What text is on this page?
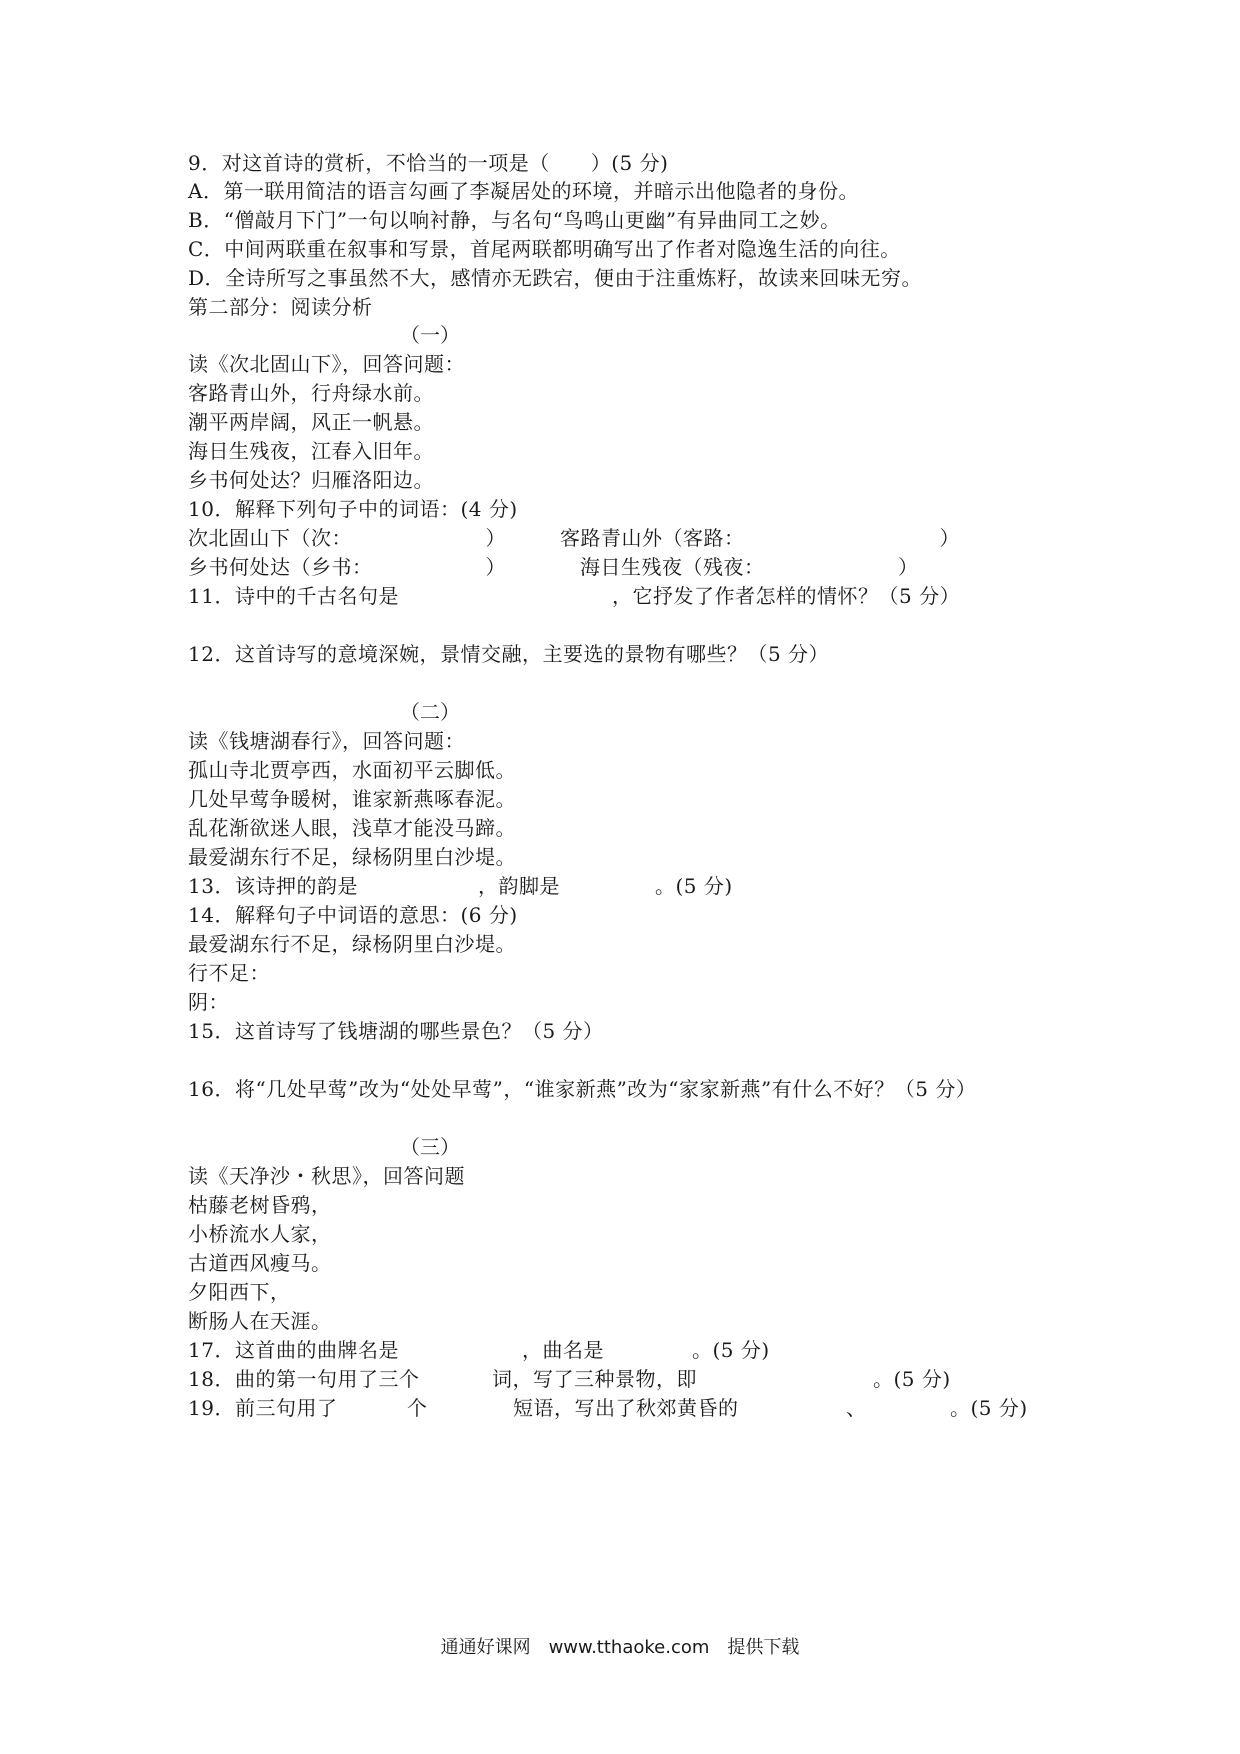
9．对这首诗的赏析，不恰当的一项是（　　）(5 分)
A．第一联用简洁的语言勾画了李凝居处的环境，并暗示出他隐者的身份。
B．“僧敲月下门”一句以响衬静，与名句“鸟鸣山更幽”有异曲同工之妙。
C．中间两联重在叙事和写景，首尾两联都明确写出了作者对隐逸生活的向往。
D．全诗所写之事虽然不大，感情亦无跌宕，便由于注重炼籽，故读来回味无穷。
第二部分：阅读分析
（一）
读《次北固山下》，回答问题：
客路青山外，行舟绿水前。
潮平两岸阔，风正一帆悬。
海日生残夜，江春入旧年。
乡书何处达？归雁洛阳边。
10．解释下列句子中的词语：(4 分)
次北固山下（次：　　　　　　　）	客路青山外（客路：　　　　　　　　　　）
乡书何处达（乡书：　　　　　　）	海日生残夜（残夜：　　　　　　　）
11．诗中的千古名句是	，它抒发了作者怎样的情怀？（5 分）
12．这首诗写的意境深婉，景情交融，主要选的景物有哪些？（5 分）
（二）
读《钱塘湖春行》，回答问题：
孤山寺北贾亭西，水面初平云脚低。
几处早莺争暖树，谁家新燕啄春泥。
乱花渐欲迷人眼，浅草才能没马蹄。
最爱湖东行不足，绿杨阴里白沙堤。
13．该诗押的韵是	，韵脚是	。(5 分)
14．解释句子中词语的意思：(6 分)
最爱湖东行不足，绿杨阴里白沙堤。
行不足：
阴：
15．这首诗写了钱塘湖的哪些景色？（5 分）
16．将“几处早莺”改为“处处早莺”，“谁家新燕”改为“家家新燕”有什么不好？（5 分）
（三）
读《天净沙・秋思》，回答问题
枯藤老树昏鸦，
小桥流水人家，
古道西风瘦马。
夕阳西下，
断肠人在天涯。
17．这首曲的曲牌名是	，曲名是	。(5 分)
18．曲的第一句用了三个	词，写了三种景物，即	。(5 分)
19．前三句用了	个	短语，写出了秋郊黄昏的	、	。(5 分)
通通好课网　www.tthaoke.com　提供下载
